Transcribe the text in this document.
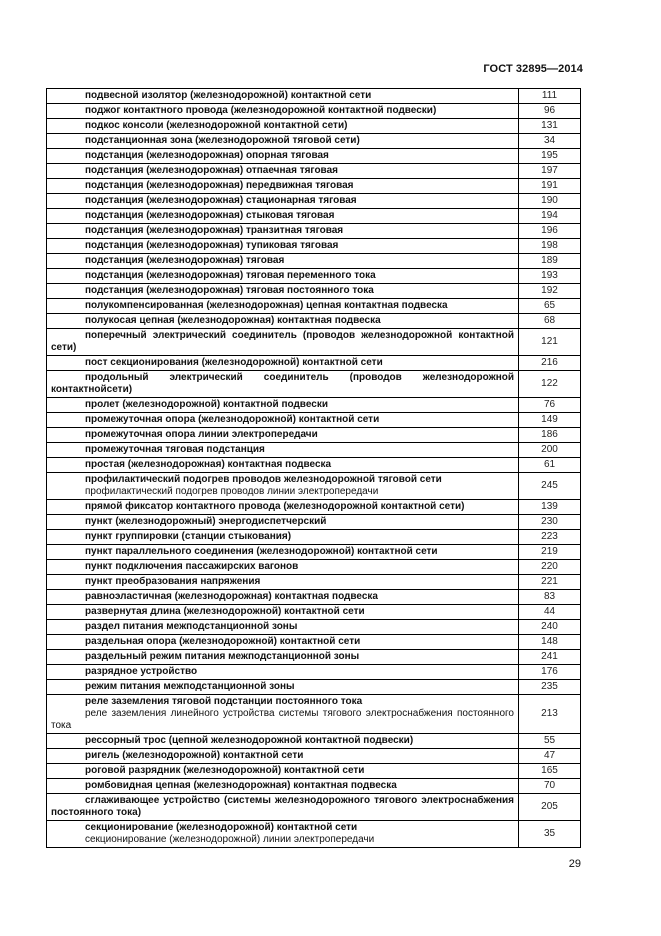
ГОСТ 32895—2014
подвесной изолятор (железнодорожной) контактной сети	111

поджог контактного провода (железнодорожной контактной подвески)	96

подкос консоли (железнодорожной контактной сети)	131

подстанционная зона (железнодорожной тяговой сети)	34

подстанция (железнодорожная) опорная тяговая	195

подстанция (железнодорожная) отпаечная тяговая	197

подстанция (железнодорожная) передвижная тяговая	191

подстанция (железнодорожная) стационарная тяговая	190

подстанция (железнодорожная) стыковая тяговая	194

подстанция (железнодорожная) транзитная тяговая	196

подстанция (железнодорожная) тупиковая тяговая	198

подстанция (железнодорожная) тяговая	189

подстанция (железнодорожная) тяговая переменного тока	193

подстанция (железнодорожная) тяговая постоянного тока	192

полукомпенсированная (железнодорожная) цепная контактная подвеска	65

полукосая цепная (железнодорожная) контактная подвеска	68

поперечный электрический соединитель (проводов железнодорожной контактной сети)	121

пост секционирования (железнодорожной) контактной сети	216

продольный электрический соединитель (проводов железнодорожной контактнойсети)	122

пролет (железнодорожной) контактной подвески	76

промежуточная опора (железнодорожной) контактной сети	149

промежуточная опора линии электропередачи	186

промежуточная тяговая подстанция	200

простая (железнодорожная) контактная подвеска	61

профилактический подогрев проводов железнодорожной тяговой сети
профилактический подогрев проводов линии электропередачи	245

прямой фиксатор контактного провода (железнодорожной контактной сети)	139

пункт (железнодорожный) энергодиспетчерский	230

пункт группировки (станции стыкования)	223

пункт параллельного соединения (железнодорожной) контактной сети	219

пункт подключения пассажирских вагонов	220

пункт преобразования напряжения	221

равноэластичная (железнодорожная) контактная подвеска	83

развернутая длина (железнодорожной) контактной сети	44

раздел питания межподстанционной зоны	240

раздельная опора (железнодорожной) контактной сети	148

раздельный режим питания межподстанционной зоны	241

разрядное устройство	176

режим питания межподстанционной зоны	235

реле заземления тяговой подстанции постоянного тока
реле заземления линейного устройства системы тягового электроснабжения постоянного тока	213

рессорный трос (цепной железнодорожной контактной подвески)	55

ригель (железнодорожной) контактной сети	47

роговой разрядник (железнодорожной) контактной сети	165

ромбовидная цепная (железнодорожная) контактная подвеска	70

сглаживающее устройство (системы железнодорожного тягового электроснабжения постоянного тока)	205

секционирование (железнодорожной) контактной сети
секционирование (железнодорожной) линии электропередачи	35
29
